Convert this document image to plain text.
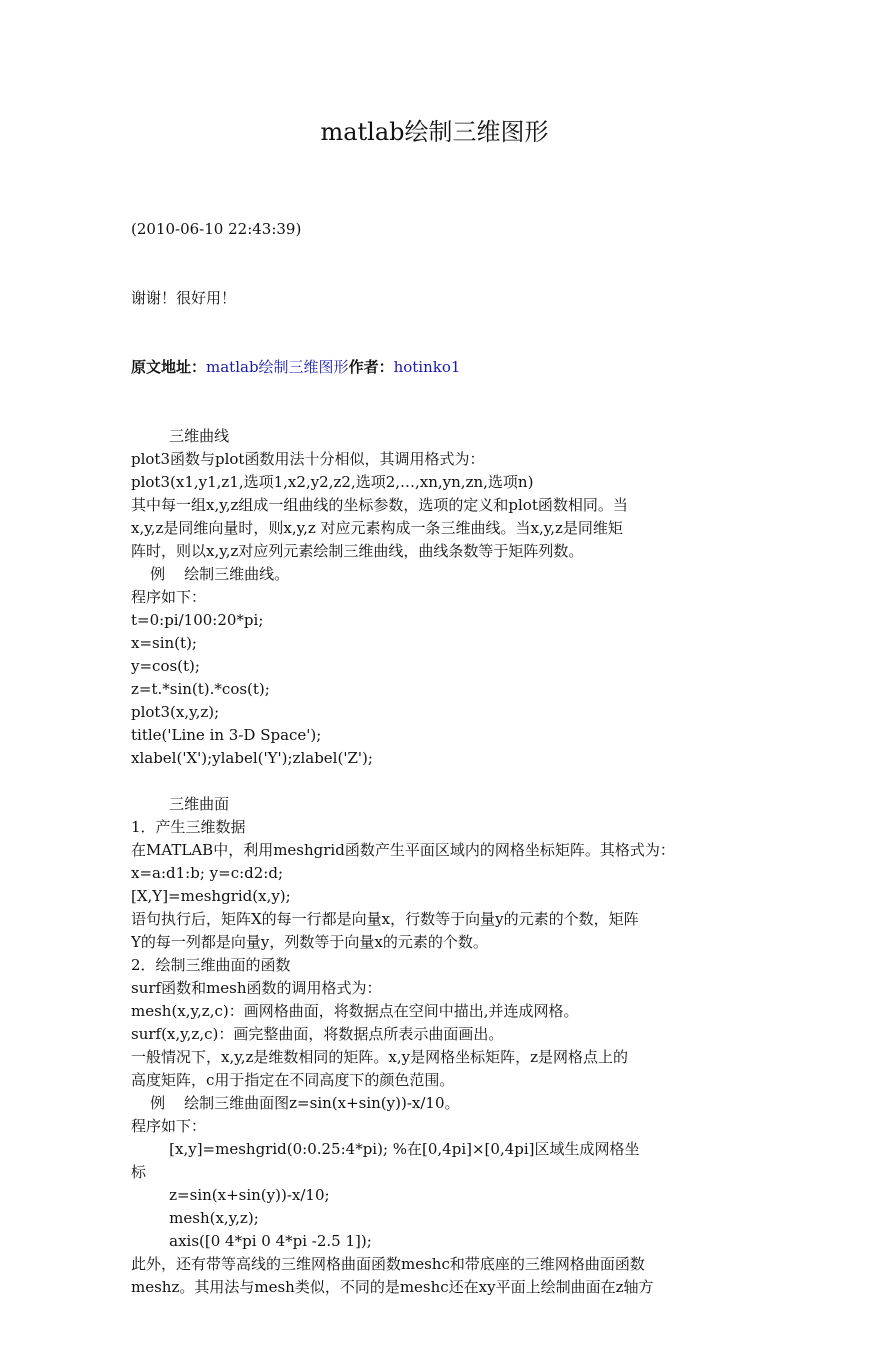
matlab绘制三维图形

(2010-06-10 22:43:39)

谢谢！很好用！

原文地址：matlab绘制三维图形作者：hotinko1

三维曲线
plot3函数与plot函数用法十分相似，其调用格式为：
plot3(x1,y1,z1,选项1,x2,y2,z2,选项2,…,xn,yn,zn,选项n)
其中每一组x,y,z组成一组曲线的坐标参数，选项的定义和plot函数相同。当
x,y,z是同维向量时，则x,y,z 对应元素构成一条三维曲线。当x,y,z是同维矩
阵时，则以x,y,z对应列元素绘制三维曲线，曲线条数等于矩阵列数。
例    绘制三维曲线。
程序如下：
t=0:pi/100:20*pi;
x=sin(t);
y=cos(t);
z=t.*sin(t).*cos(t);
plot3(x,y,z);
title('Line in 3-D Space');
xlabel('X');ylabel('Y');zlabel('Z');
三维曲面
1．产生三维数据
在MATLAB中，利用meshgrid函数产生平面区域内的网格坐标矩阵。其格式为：
x=a:d1:b; y=c:d2:d;
[X,Y]=meshgrid(x,y);
语句执行后，矩阵X的每一行都是向量x，行数等于向量y的元素的个数，矩阵
Y的每一列都是向量y，列数等于向量x的元素的个数。
2．绘制三维曲面的函数
surf函数和mesh函数的调用格式为：
mesh(x,y,z,c)：画网格曲面，将数据点在空间中描出,并连成网格。
surf(x,y,z,c)：画完整曲面，将数据点所表示曲面画出。
一般情况下，x,y,z是维数相同的矩阵。x,y是网格坐标矩阵，z是网格点上的
高度矩阵，c用于指定在不同高度下的颜色范围。
例    绘制三维曲面图z=sin(x+sin(y))-x/10。
程序如下：
[x,y]=meshgrid(0:0.25:4*pi); %在[0,4pi]×[0,4pi]区域生成网格坐
标
z=sin(x+sin(y))-x/10;
mesh(x,y,z);
axis([0 4*pi 0 4*pi -2.5 1]);
此外，还有带等高线的三维网格曲面函数meshc和带底座的三维网格曲面函数
meshz。其用法与mesh类似，不同的是meshc还在xy平面上绘制曲面在z轴方
